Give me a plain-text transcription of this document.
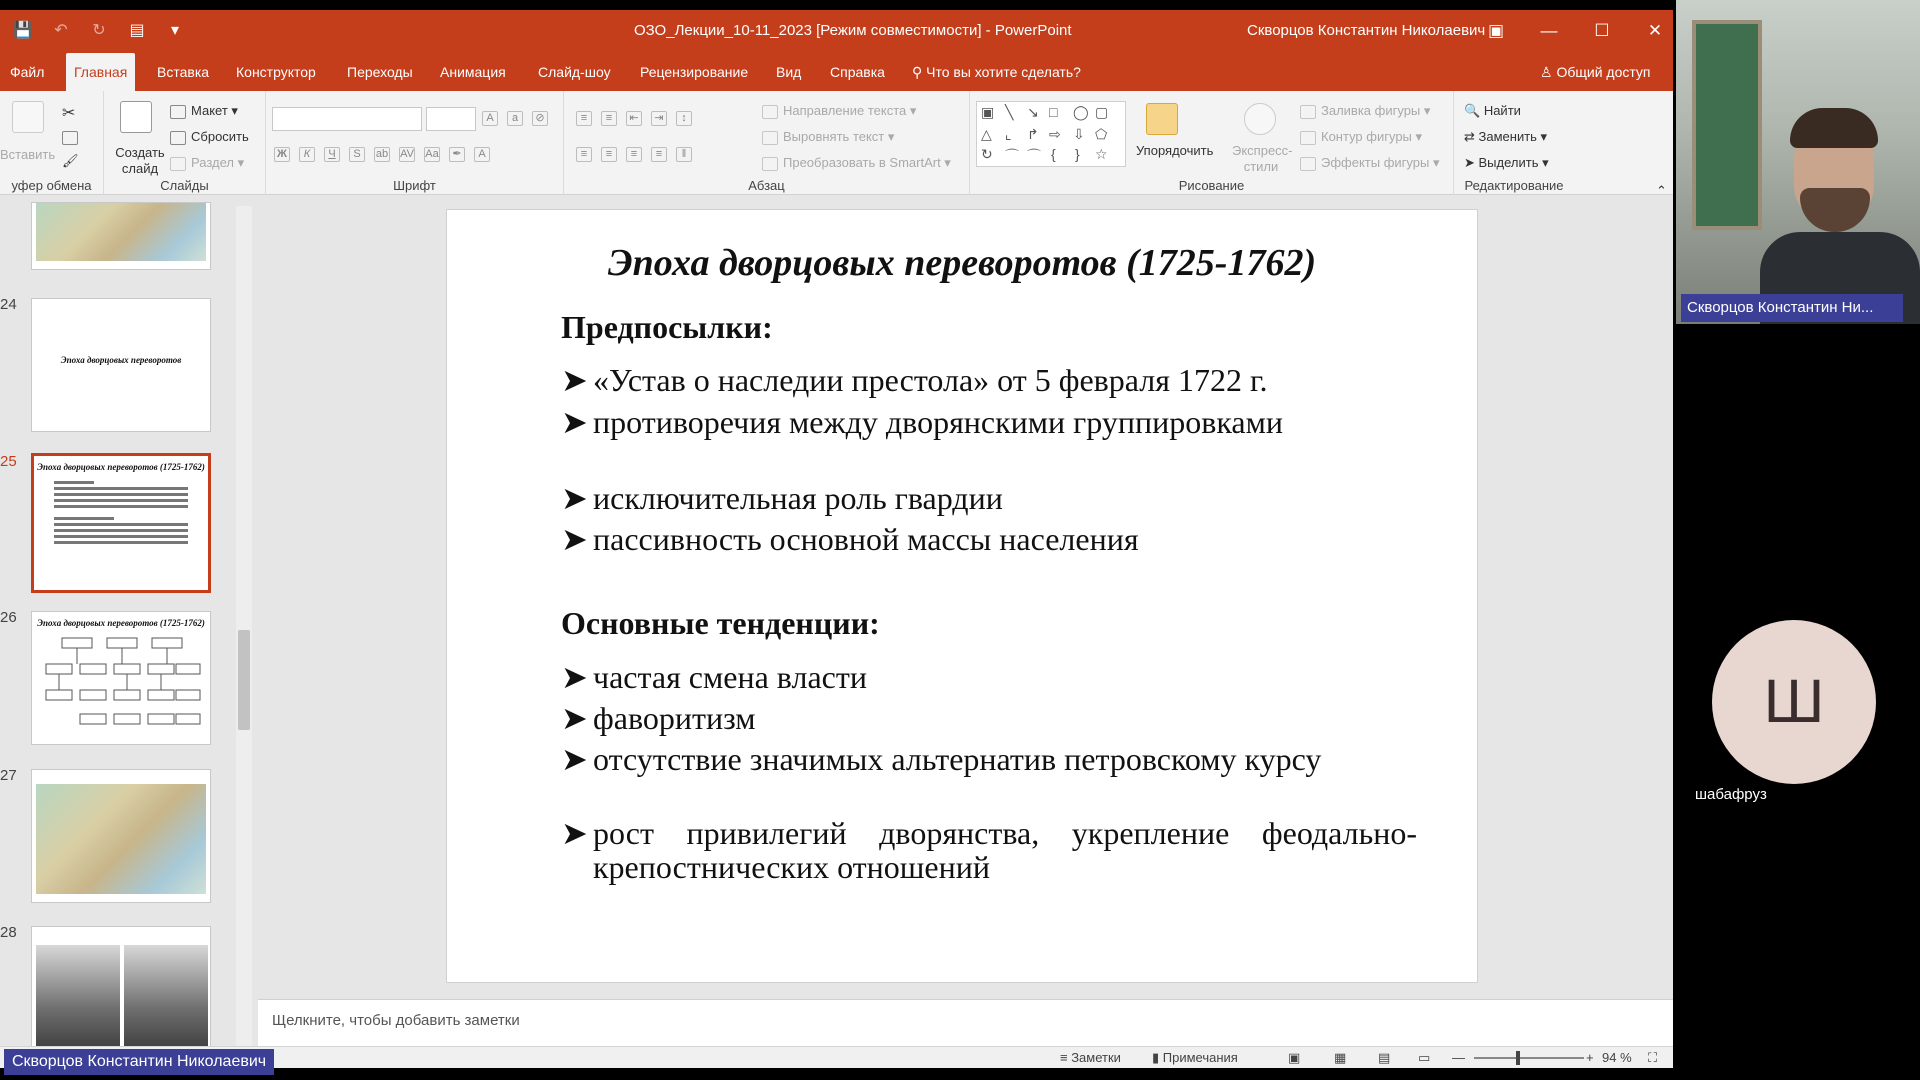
💾 ↶ ↻ ▤	▾	ОЗО_Лекции_10-11_2023 [Режим совместимости] - PowerPoint	Скворцов Константин Николаевич ▣	—	☐	✕
Файл	Главная	Вставка	Конструктор	Переходы	Анимация	Слайд-шоу	Рецензирование	Вид	Справка	⚲ Что вы хотите сделать?	♙ Общий доступ
Вставить
✂
🖌
уфер обмена
Создать слайд
Макет ▾
Сбросить
Раздел ▾
Слайды
A	a	⊘
Ж	К	Ч	S	ab AV Aa	✒	A
Шрифт
≡	≡	⇤	⇥	↕
≡	≡	≡	≡	‖
Направление текста ▾
Выровнять текст ▾
Преобразовать в SmartArt ▾
Абзац
▣ ╲ ↘ □ ◯ ▢
△ ⌞ ↱ ⇨ ⇩ ⬠
↻ ⌒ ⌒ { } ☆ Упорядочить Экспресс-стили
Заливка фигуры ▾
Контур фигуры ▾
Эффекты фигуры ▾
Рисование
🔍 Найти
⇄ Заменить ▾
➤ Выделить ▾
Редактирование	⌃
24
Эпоха дворцовых переворотов
25	Эпоха дворцовых переворотов (1725-1762)
26	Эпоха дворцовых переворотов (1725-1762)
27
28
Эпоха дворцовых переворотов (1725-1762)
Предпосылки:
➤ «Устав о наследии престола» от 5 февраля 1722 г.
➤ противоречия между дворянскими группировками
➤ исключительная роль гвардии
➤ пассивность основной массы населения
Основные тенденции:
➤ частая смена власти
➤ фаворитизм
➤ отсутствие значимых альтернатив петровскому курсу
➤ рост привилегий дворянства, укрепление феодально-крепостнических отношений
Щелкните, чтобы добавить заметки
≡ Заметки ▮ Примечания	▣	▦ ▤ ▭ —	+ 94 % ⛶
Скворцов Константин Ни...
Ш
шабафруз
Скворцов Константин Николаевич
